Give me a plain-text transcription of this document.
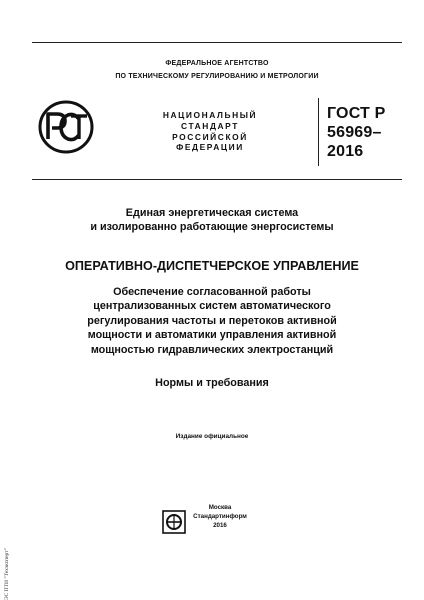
ФЕДЕРАЛЬНОЕ АГЕНТСТВО
ПО ТЕХНИЧЕСКОМУ РЕГУЛИРОВАНИЮ И МЕТРОЛОГИИ
НАЦИОНАЛЬНЫЙ
СТАНДАРТ
РОССИЙСКОЙ
ФЕДЕРАЦИИ
ГОСТ Р
56969–
2016
Единая энергетическая система
и изолированно работающие энергосистемы
ОПЕРАТИВНО-ДИСПЕТЧЕРСКОЕ УПРАВЛЕНИЕ
Обеспечение согласованной работы
централизованных систем автоматического
регулирования частоты и перетоков активной
мощности и автоматики управления активной
мощностью гидравлических электростанций
Нормы и требования
Издание официальное
Москва
Стандартинформ
2016
ЭС ПТИ "Техэксперт"
